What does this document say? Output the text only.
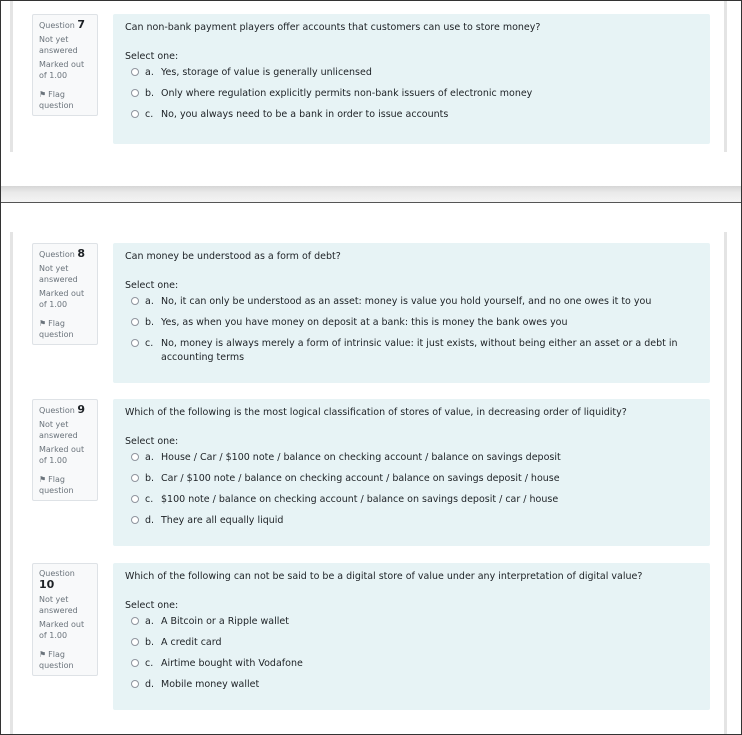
Question 7
Not yet answered
Marked out of 1.00
⚑ Flag question
Can non-bank payment players offer accounts that customers can use to store money?
Select one:
a. Yes, storage of value is generally unlicensed
b. Only where regulation explicitly permits non-bank issuers of electronic money
c. No, you always need to be a bank in order to issue accounts
Question 8
Not yet answered
Marked out of 1.00
⚑ Flag question
Can money be understood as a form of debt?
Select one:
a. No, it can only be understood as an asset: money is value you hold yourself, and no one owes it to you
b. Yes, as when you have money on deposit at a bank: this is money the bank owes you
c. No, money is always merely a form of intrinsic value: it just exists, without being either an asset or a debt in accounting terms
Question 9
Not yet answered
Marked out of 1.00
⚑ Flag question
Which of the following is the most logical classification of stores of value, in decreasing order of liquidity?
Select one:
a. House / Car / $100 note / balance on checking account / balance on savings deposit
b. Car / $100 note / balance on checking account / balance on savings deposit / house
c. $100 note / balance on checking account / balance on savings deposit / car / house
d. They are all equally liquid
Question 10
Not yet answered
Marked out of 1.00
⚑ Flag question
Which of the following can not be said to be a digital store of value under any interpretation of digital value?
Select one:
a. A Bitcoin or a Ripple wallet
b. A credit card
c. Airtime bought with Vodafone
d. Mobile money wallet
